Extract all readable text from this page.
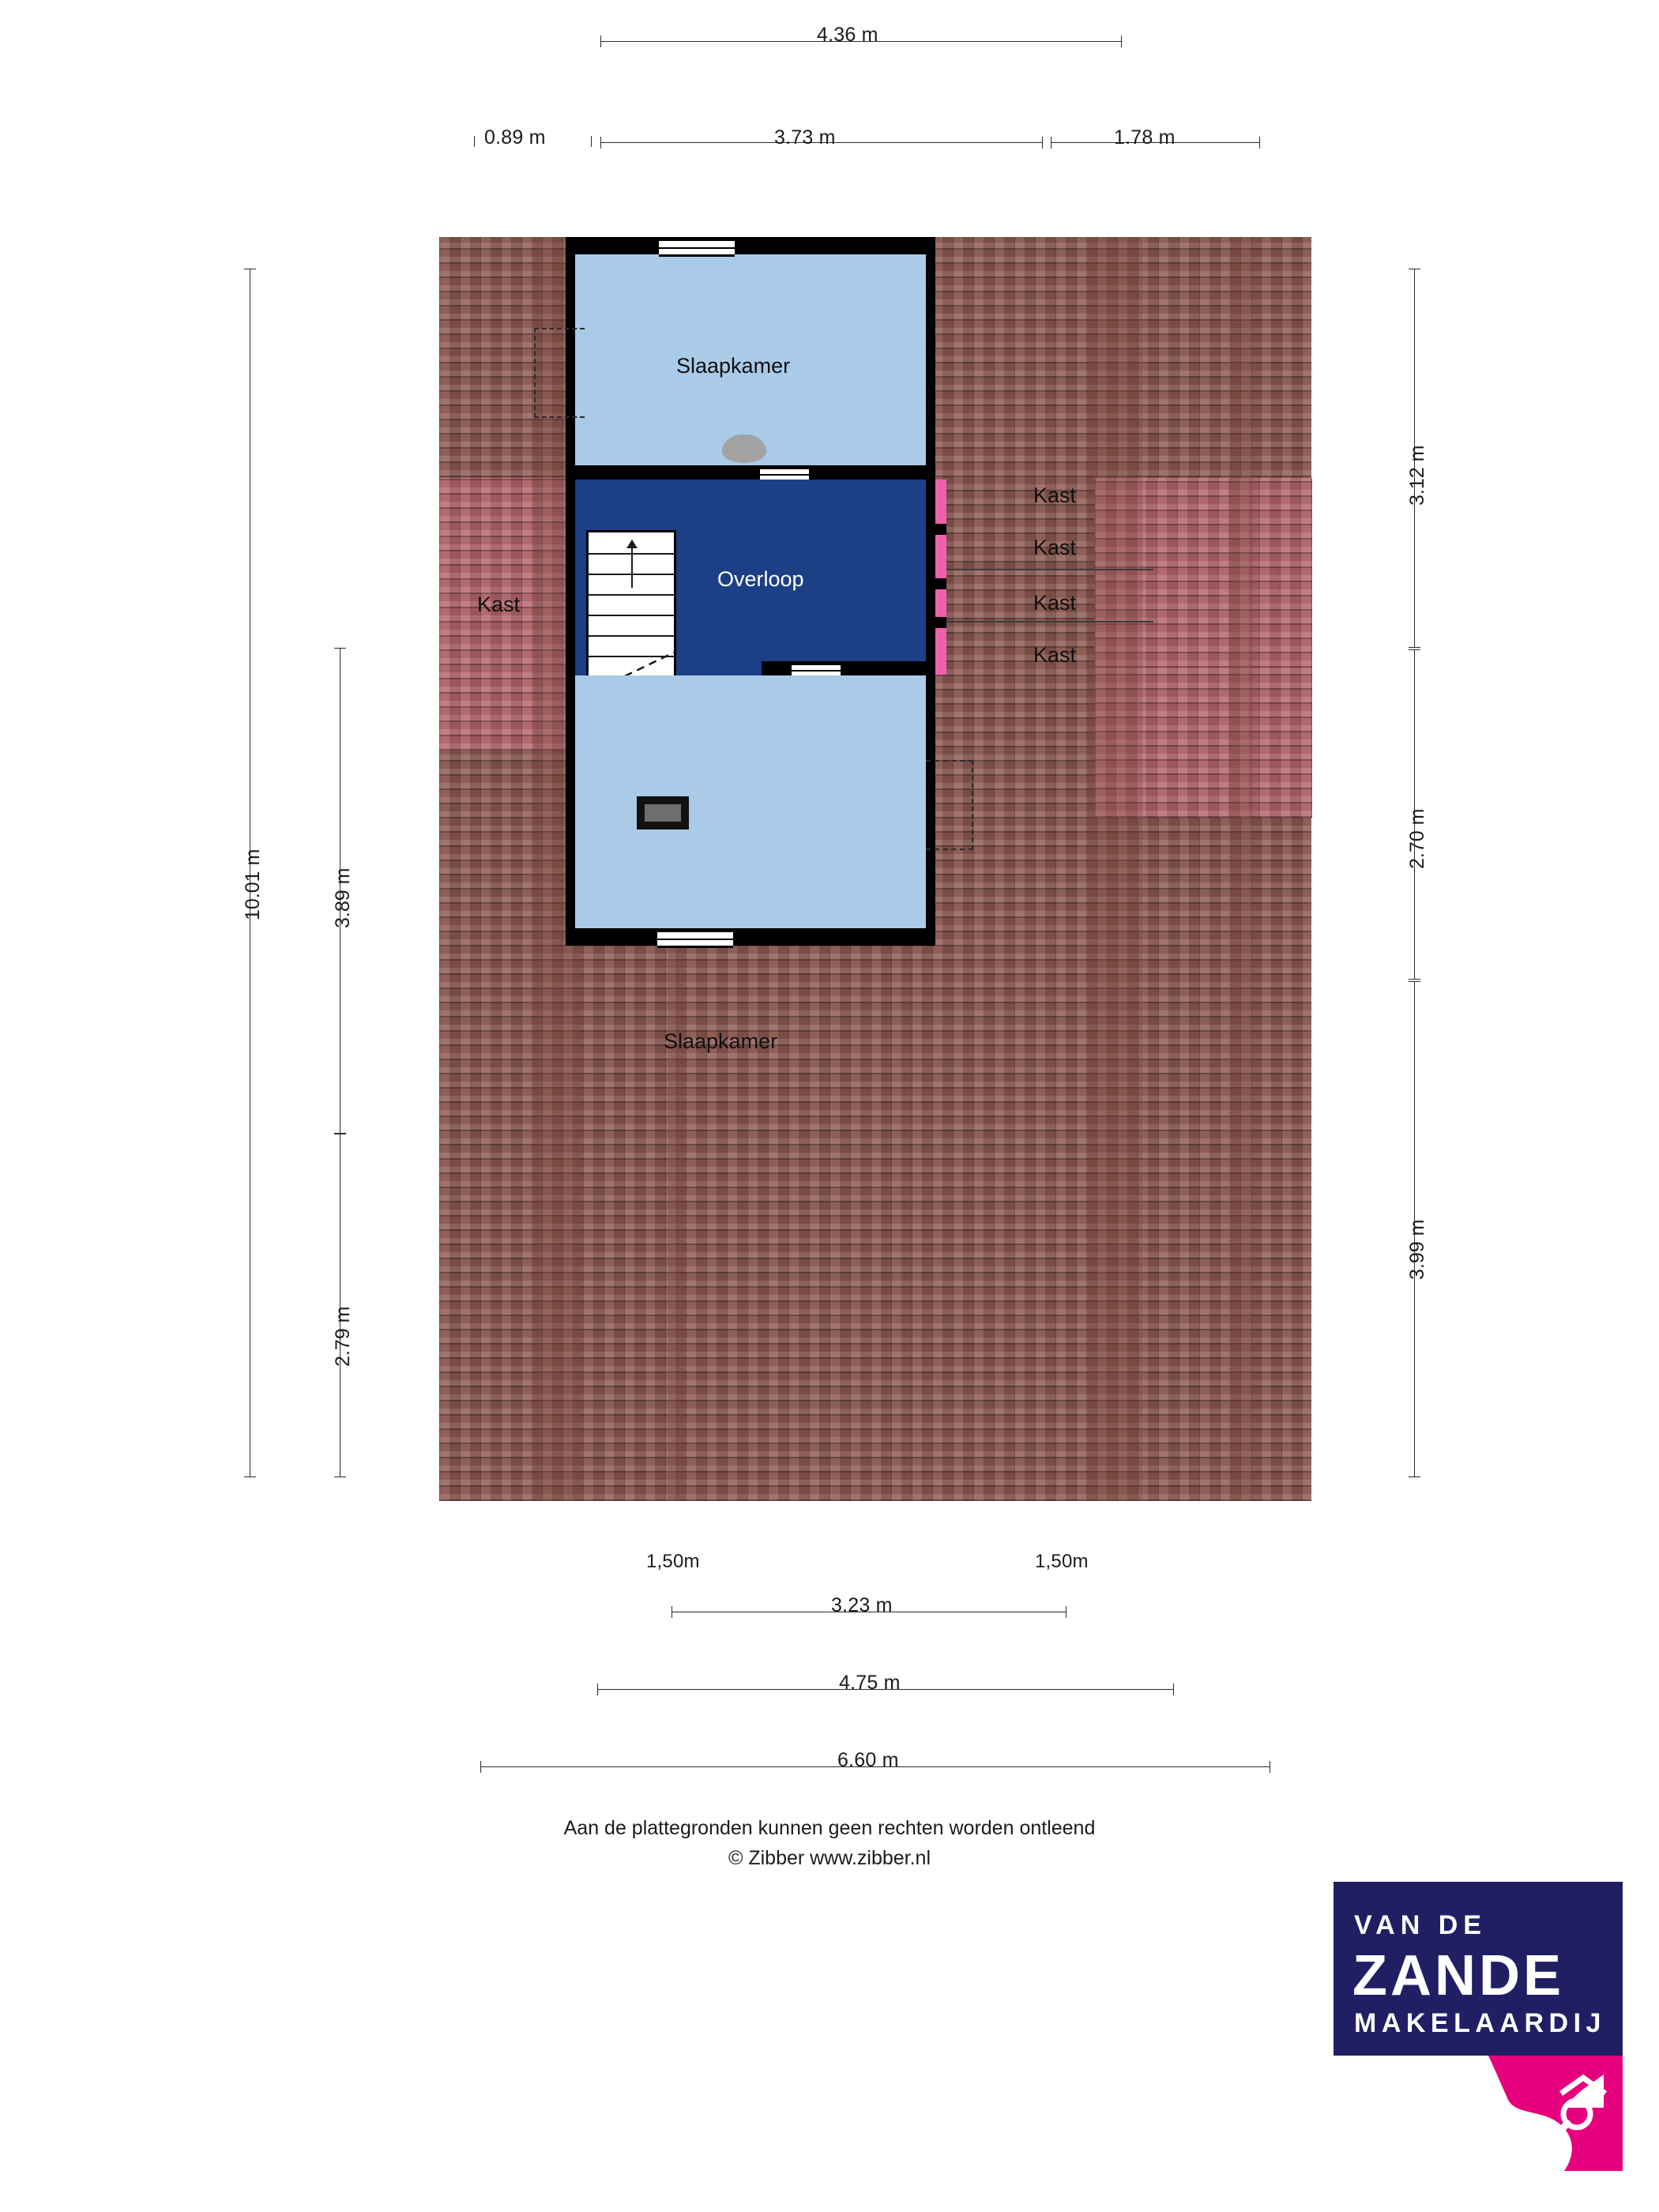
4.36 m
0.89 m	3.73 m	1.78 m
10.01 m	3.89 m
2.79 m
3.12 m
2.70 m
3.99 m
Slaapkamer
Overloop
Kast
Kast
Kast
Kast
Kast
Slaapkamer
1,50m	1,50m
3.23 m
4.75 m
6.60 m
Aan de plattegronden kunnen geen rechten worden ontleend
© Zibber www.zibber.nl
VAN DE
ZANDE
MAKELAARDIJ
